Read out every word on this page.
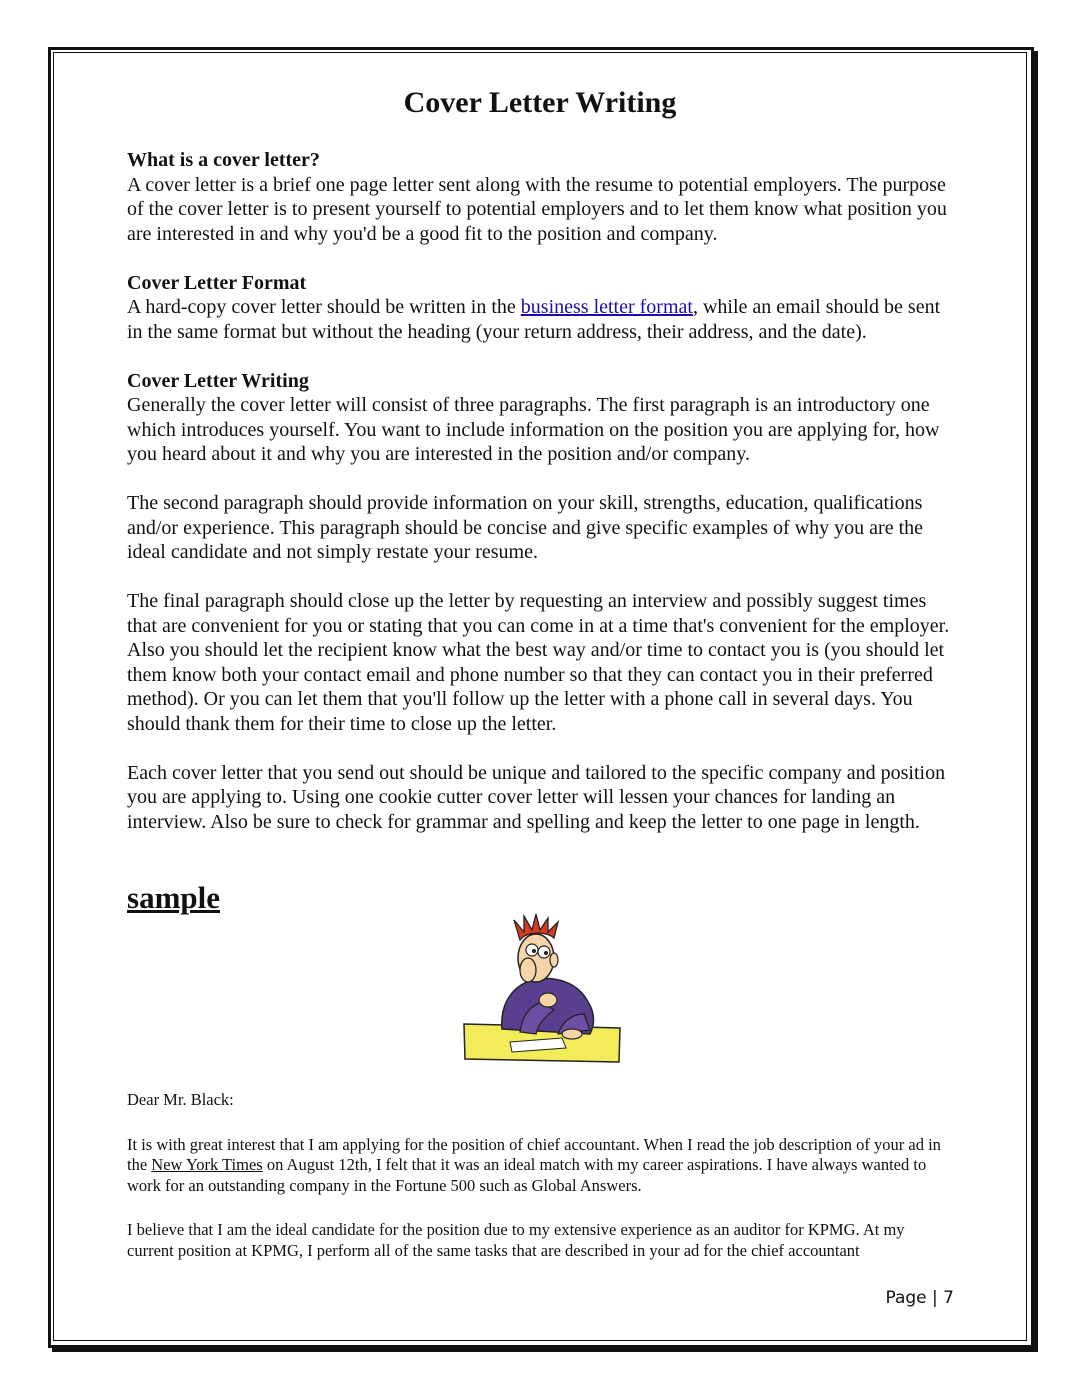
Cover Letter Writing
What is a cover letter?
A cover letter is a brief one page letter sent along with the resume to potential employers. The purpose of the cover letter is to present yourself to potential employers and to let them know what position you are interested in and why you'd be a good fit to the position and company.
Cover Letter Format
A hard-copy cover letter should be written in the business letter format, while an email should be sent in the same format but without the heading (your return address, their address, and the date).
Cover Letter Writing
Generally the cover letter will consist of three paragraphs. The first paragraph is an introductory one which introduces yourself. You want to include information on the position you are applying for, how you heard about it and why you are interested in the position and/or company.
The second paragraph should provide information on your skill, strengths, education, qualifications and/or experience. This paragraph should be concise and give specific examples of why you are the ideal candidate and not simply restate your resume.
The final paragraph should close up the letter by requesting an interview and possibly suggest times that are convenient for you or stating that you can come in at a time that's convenient for the employer. Also you should let the recipient know what the best way and/or time to contact you is (you should let them know both your contact email and phone number so that they can contact you in their preferred method). Or you can let them that you'll follow up the letter with a phone call in several days. You should thank them for their time to close up the letter.
Each cover letter that you send out should be unique and tailored to the specific company and position you are applying to. Using one cookie cutter cover letter will lessen your chances for landing an interview. Also be sure to check for grammar and spelling and keep the letter to one page in length.
sample

Dear Mr. Black:

It is with great interest that I am applying for the position of chief accountant. When I read the job description of your ad in the New York Times on August 12th, I felt that it was an ideal match with my career aspirations. I have always wanted to work for an outstanding company in the Fortune 500 such as Global Answers.

I believe that I am the ideal candidate for the position due to my extensive experience as an auditor for KPMG. At my current position at KPMG, I perform all of the same tasks that are described in your ad for the chief accountant

Page | 7
